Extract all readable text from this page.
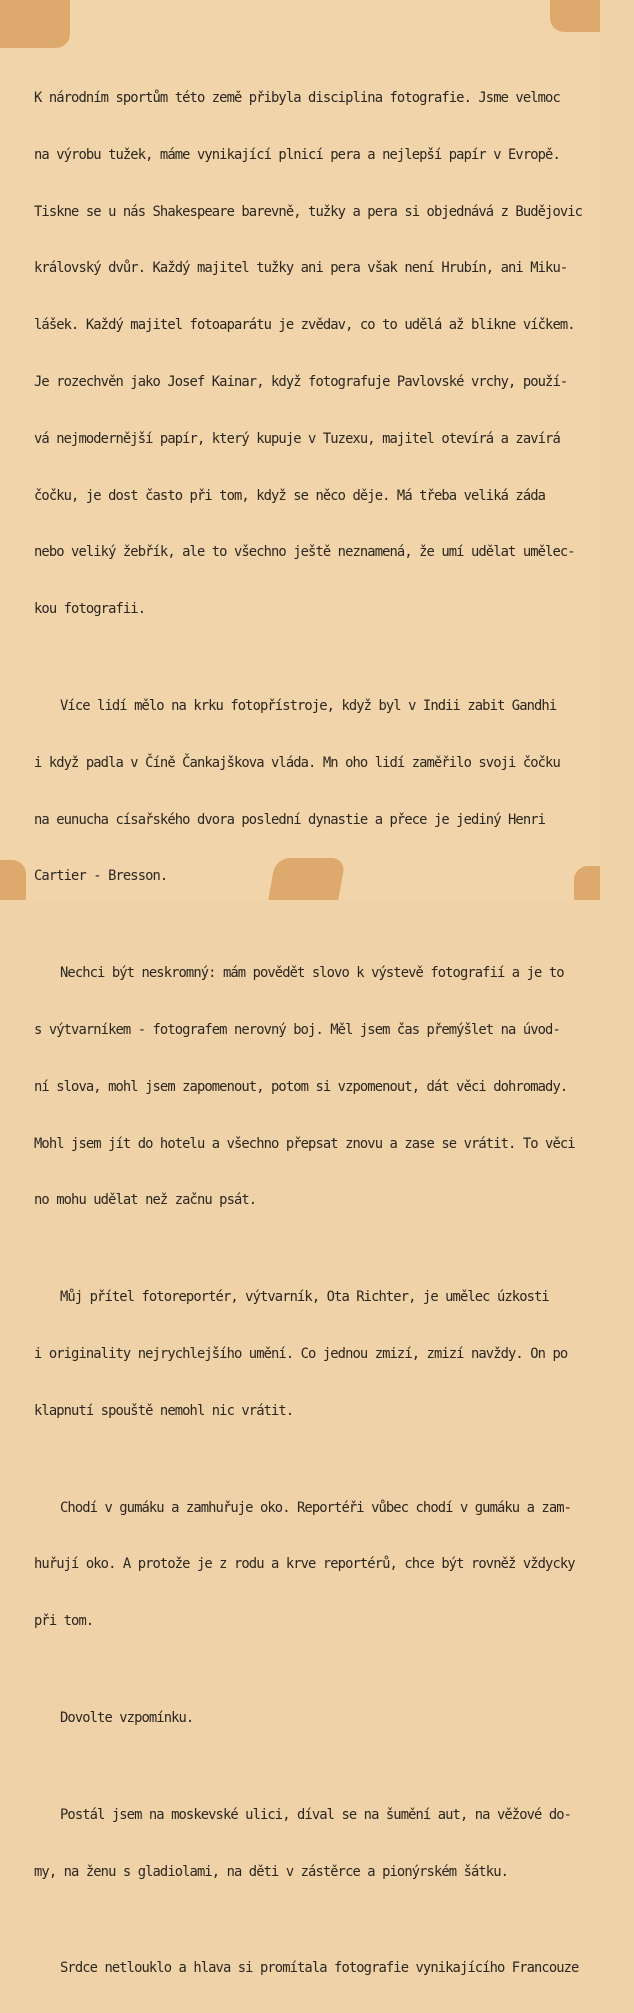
K národním sportům této země přibyla disciplina fotografie. Jsme velmoc

na výrobu tužek, máme vynikající plnicí pera a nejlepší papír v Evropě.

Tiskne se u nás Shakespeare barevně, tužky a pera si objednává z Budějovic

královský dvůr. Každý majitel tužky ani pera však není Hrubín, ani Miku-

lášek. Každý majitel fotoaparátu je zvědav, co to udělá až blikne víčkem.

Je rozechvěn jako Josef Kainar, když fotografuje Pavlovské vrchy, použí-

vá nejmodernější papír, který kupuje v Tuzexu, majitel otevírá a zavírá

čočku, je dost často při tom, když se něco děje. Má třeba veliká záda

nebo veliký žebřík, ale to všechno ještě neznamená, že umí udělat umělec-

kou fotografii.

Více lidí mělo na krku fotopřístroje, když byl v Indii zabit Gandhi

i když padla v Číně Čankajškova vláda. Mn oho lidí zaměřilo svoji čočku

na eunucha císařského dvora poslední dynastie a přece je jediný Henri

Cartier - Bresson.

Nechci být neskromný: mám povědět slovo k výstevě fotografií a je to

s výtvarníkem - fotografem nerovný boj. Měl jsem čas přemýšlet na úvod-

ní slova, mohl jsem zapomenout, potom si vzpomenout, dát věci dohromady.

Mohl jsem jít do hotelu a všechno přepsat znovu a zase se vrátit. To věci

no mohu udělat než začnu psát.

Můj přítel fotoreportér, výtvarník, Ota Richter, je umělec úzkosti

i originality nejrychlejšího umění. Co jednou zmizí, zmizí navždy. On po

klapnutí spouště nemohl nic vrátit.

Chodí v gumáku a zamhuřuje oko. Reportéři vůbec chodí v gumáku a zam-

huřují oko. A protože je z rodu a krve reportérů, chce být rovněž vždycky

při tom.

Dovolte vzpomínku.

Postál jsem na moskevské ulici, díval se na šumění aut, na věžové do-

my, na ženu s gladiolami, na děti v zástěrce a pionýrském šátku.

Srdce netlouklo a hlava si promítala fotografie vynikajícího Francouze
